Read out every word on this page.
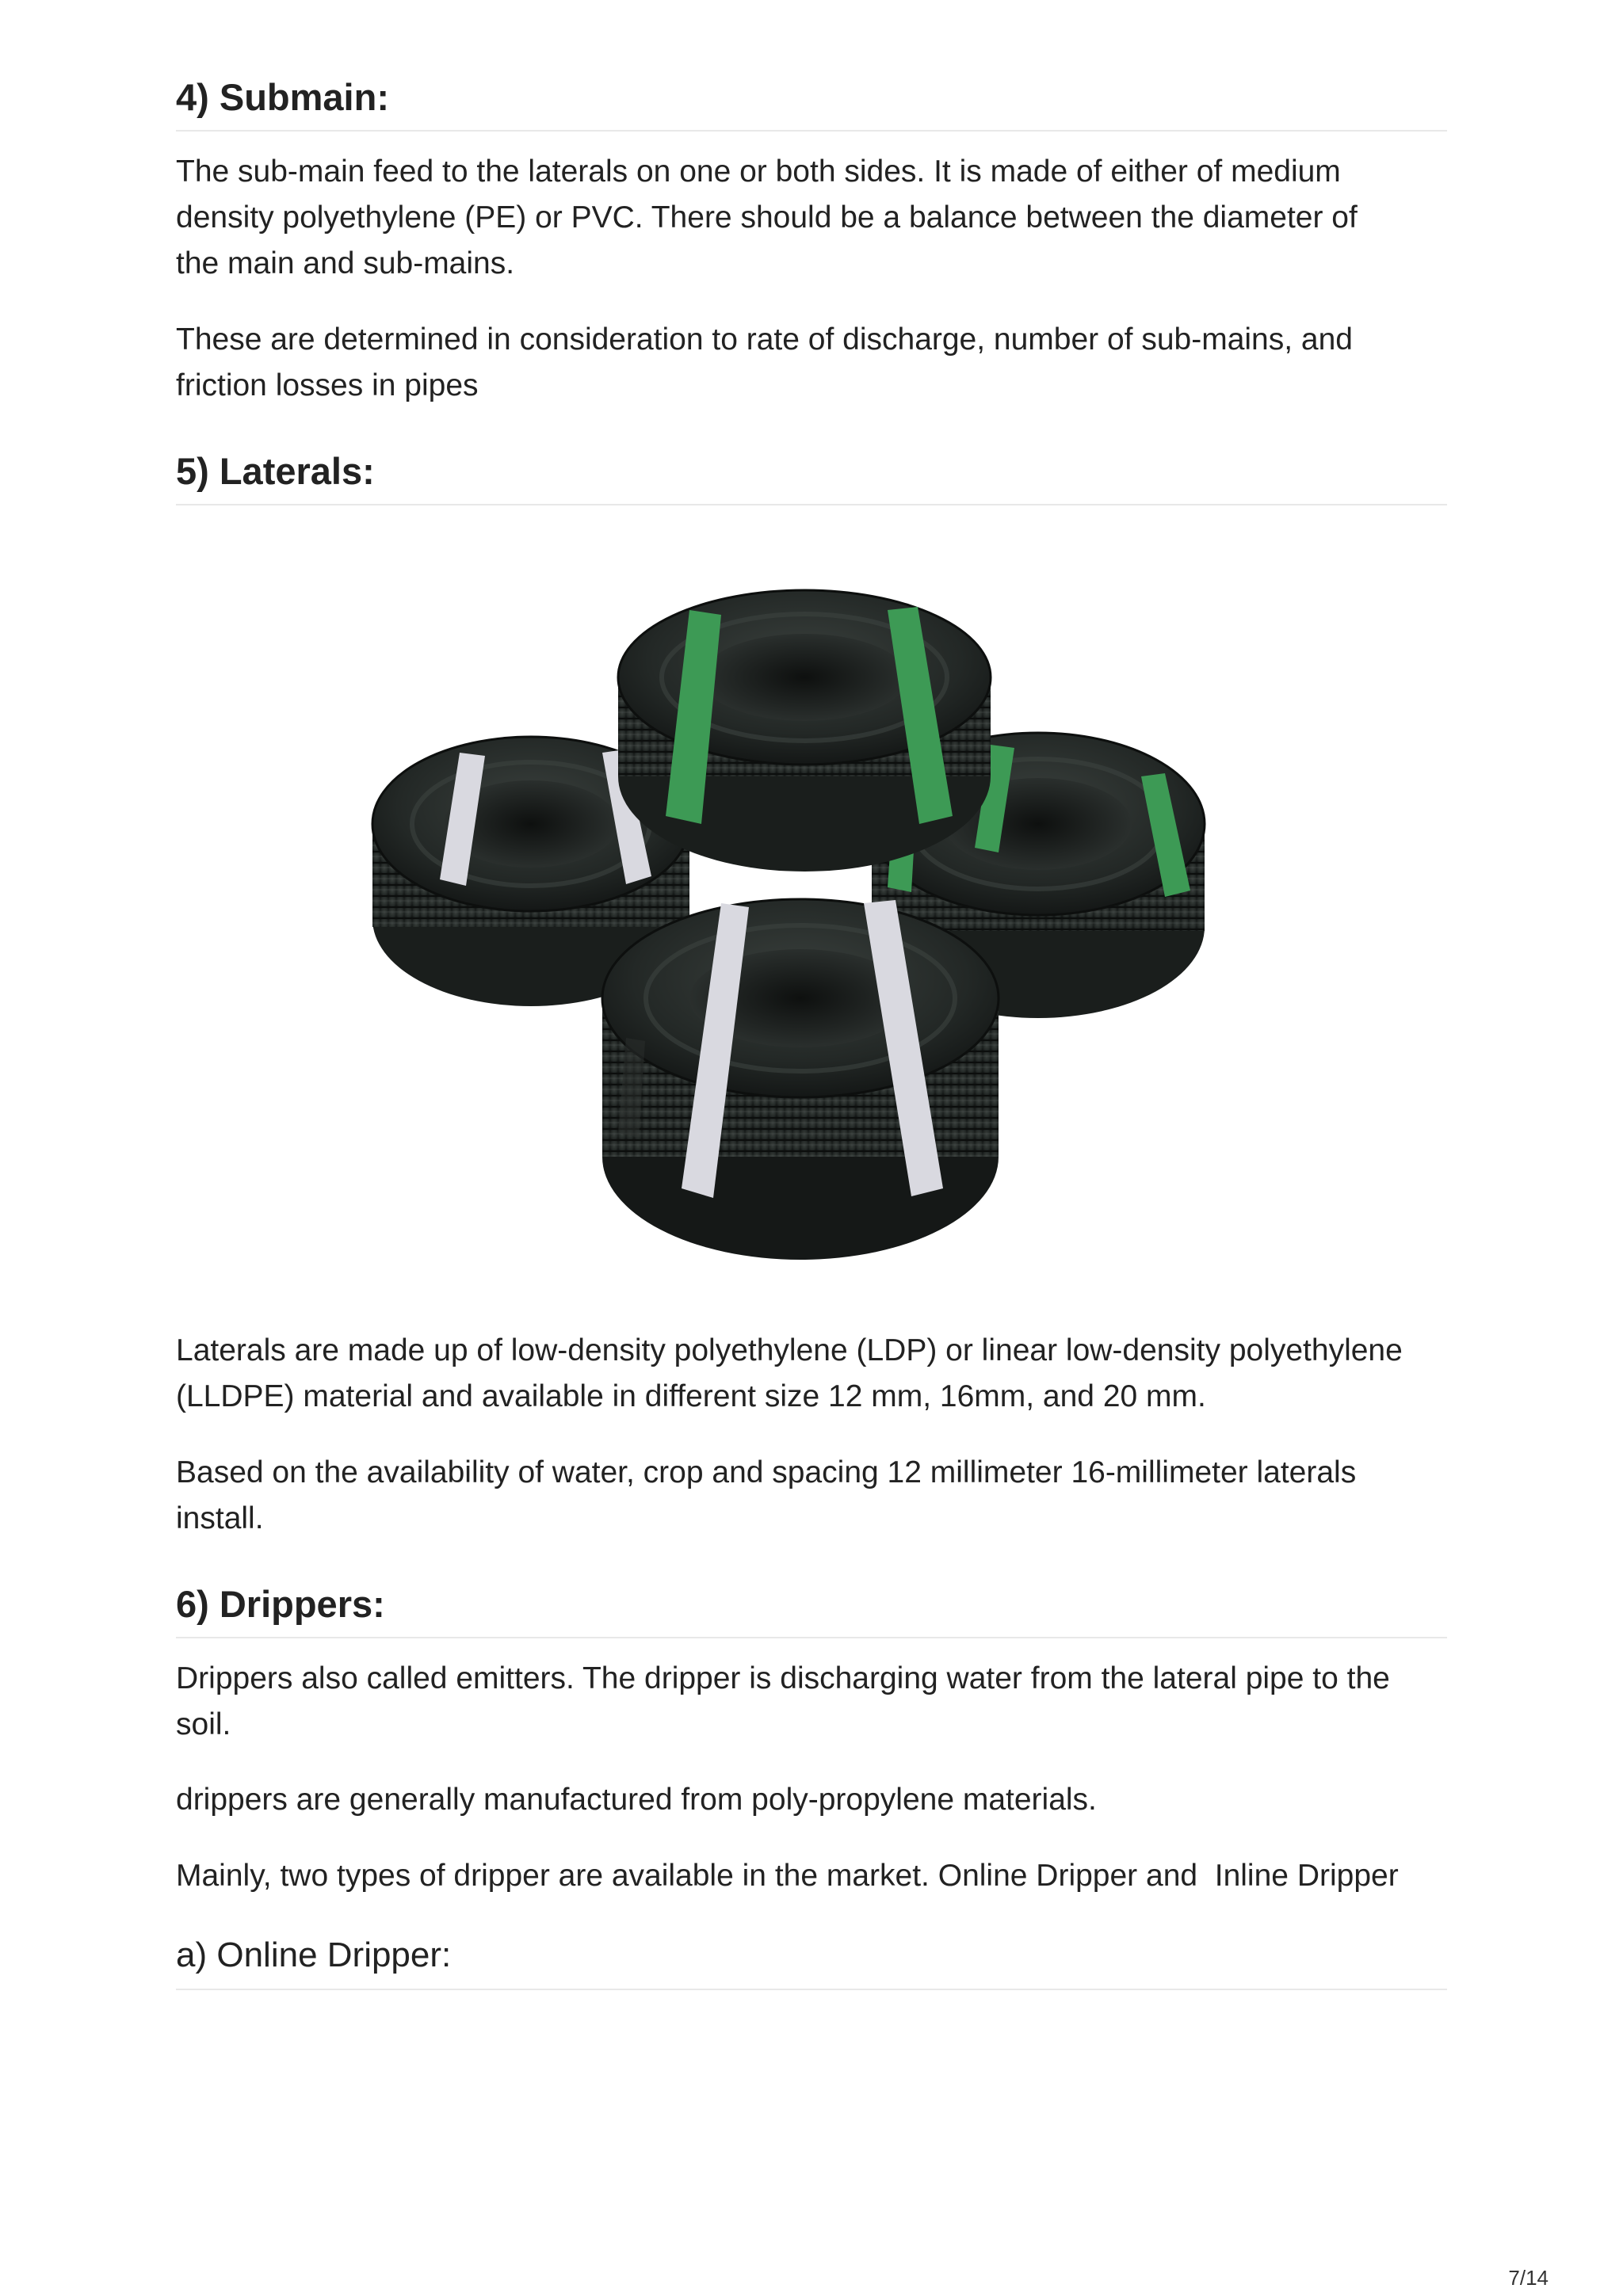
4) Submain:

The sub-main feed to the laterals on one or both sides. It is made of either of medium density polyethylene (PE) or PVC. There should be a balance between the diameter of the main and sub-mains.

These are determined in consideration to rate of discharge, number of sub-mains, and friction losses in pipes

5) Laterals:

Laterals are made up of low-density polyethylene (LDP) or linear low-density polyethylene (LLDPE) material and available in different size 12 mm, 16mm, and 20 mm.

Based on the availability of water, crop and spacing 12 millimeter 16-millimeter laterals install.

6) Drippers:

Drippers also called emitters. The dripper is discharging water from the lateral pipe to the soil.

drippers are generally manufactured from poly-propylene materials.

Mainly, two types of dripper are available in the market. Online Dripper and  Inline Dripper

a) Online Dripper:
7/14
